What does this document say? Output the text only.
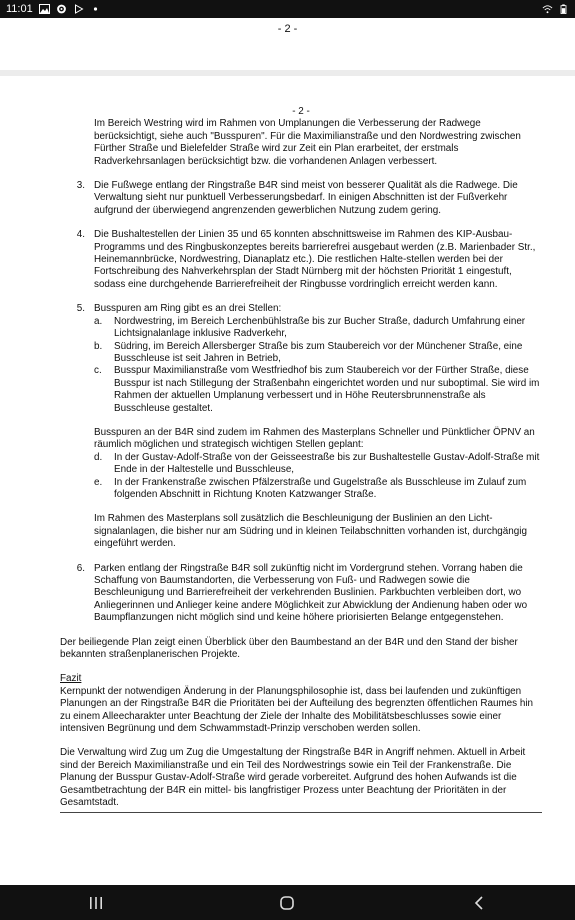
11:01
- 2 -

- 2 -

Im Bereich Westring wird im Rahmen von Umplanungen die Verbesserung der Radwege berücksichtigt, siehe auch "Busspuren". Für die Maximilianstraße und den Nordwestring zwischen Fürther Straße und Bielefelder Straße wird zur Zeit ein Plan erarbeitet, der erstmals Radverkehrsanlagen berücksichtigt bzw. die vorhandenen Anlagen verbessert.

3. Die Fußwege entlang der Ringstraße B4R sind meist von besserer Qualität als die Radwege. Die Verwaltung sieht nur punktuell Verbesserungsbedarf. In einigen Abschnitten ist der Fußverkehr aufgrund der überwiegend angrenzenden gewerblichen Nutzung zudem gering.

4. Die Bushaltestellen der Linien 35 und 65 konnten abschnittsweise im Rahmen des KIP-Ausbau-Programms und des Ringbuskonzeptes bereits barrierefrei ausgebaut werden (z.B. Marienbader Str., Heinemannbrücke, Nordwestring, Dianaplatz etc.). Die restlichen Halte-stellen werden bei der Fortschreibung des Nahverkehrsplan der Stadt Nürnberg mit der höchsten Priorität 1 eingestuft, sodass eine durchgehende Barrierefreiheit der Ringbusse vordringlich erreicht werden kann.

5. Busspuren am Ring gibt es an drei Stellen:

a.	Nordwestring, im Bereich Lerchenbühlstraße bis zur Bucher Straße, dadurch Umfahrung einer Lichtsignalanlage inklusive Radverkehr,

b.	Südring, im Bereich Allersberger Straße bis zum Staubereich vor der Münchener Straße, eine Busschleuse ist seit Jahren in Betrieb,

c.	Busspur Maximilianstraße vom Westfriedhof bis zum Staubereich vor der Fürther Straße, diese Busspur ist nach Stillegung der Straßenbahn eingerichtet worden und nur suboptimal. Sie wird im Rahmen der aktuellen Umplanung verbessert und in Höhe Reutersbrunnenstraße als Busschleuse gestaltet.

Busspuren an der B4R sind zudem im Rahmen des Masterplans Schneller und Pünktlicher ÖPNV an räumlich möglichen und strategisch wichtigen Stellen geplant:

d.	In der Gustav-Adolf-Straße von der Geisseestraße bis zur Bushaltestelle Gustav-Adolf-Straße mit Ende in der Haltestelle und Busschleuse,

e.	In der Frankenstraße zwischen Pfälzerstraße und Gugelstraße als Busschleuse im Zulauf zum folgenden Abschnitt in Richtung Knoten Katzwanger Straße.

Im Rahmen des Masterplans soll zusätzlich die Beschleunigung der Buslinien an den Licht-signalanlagen, die bisher nur am Südring und in kleinen Teilabschnitten vorhanden ist, durchgängig eingeführt werden.

6. Parken entlang der Ringstraße B4R soll zukünftig nicht im Vordergrund stehen. Vorrang haben die Schaffung von Baumstandorten, die Verbesserung von Fuß- und Radwegen sowie die Beschleunigung und Barrierefreiheit der verkehrenden Buslinien. Parkbuchten verbleiben dort, wo Anliegerinnen und Anlieger keine andere Möglichkeit zur Abwicklung der Andienung haben oder wo Baumpflanzungen nicht möglich sind und keine höhere priorisierten Belange entgegenstehen.

Der beiliegende Plan zeigt einen Überblick über den Baumbestand an der B4R und den Stand der bisher bekannten straßenplanerischen Projekte.

Fazit

Kernpunkt der notwendigen Änderung in der Planungsphilosophie ist, dass bei laufenden und zukünftigen Planungen an der Ringstraße B4R die Prioritäten bei der Aufteilung des begrenzten öffentlichen Raumes hin zu einem Alleecharakter unter Beachtung der Ziele der Inhalte des Mobilitätsbeschlusses sowie einer intensiven Begrünung und dem Schwammstadt-Prinzip verschoben werden sollen.

Die Verwaltung wird Zug um Zug die Umgestaltung der Ringstraße B4R in Angriff nehmen. Aktuell in Arbeit sind der Bereich Maximilianstraße und ein Teil des Nordwestrings sowie ein Teil der Frankenstraße. Die Planung der Busspur Gustav-Adolf-Straße wird gerade vorbereitet. Aufgrund des hohen Aufwands ist die Gesamtbetrachtung der B4R ein mittel- bis langfristiger Prozess unter Beachtung der Prioritäten in der Gesamtstadt.
